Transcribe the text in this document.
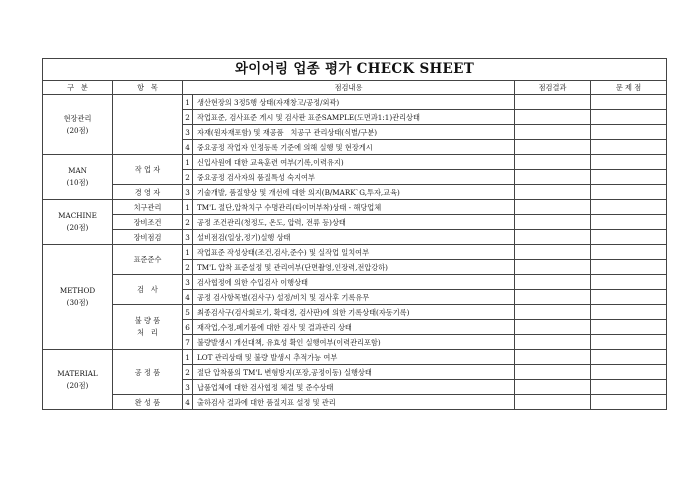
와이어링 업종 평가 CHECK SHEET					
구   분	항   목	점검내용		점검결과	문 제 점

현장관리
(20점)		1	생산현장의 3정5행 상태(자재창고/공정/외곽)		
		2	작업표준, 검사표준 게시 및 검사판 표준SAMPLE(도면과1:1)관리상태		
		3	자재(원자재포함) 및 재공품   치공구 관리상태(식별/구분)		
		4	중요공정 작업자 인정등록 기준에 의해 실행 및 현장게시		

MAN
(10점)	작 업 자	1	신입사원에 대한 교육훈련 여부(기록,이력유지)		
		2	중요공정 검사자의 품질특성 숙지여부		
	경 영 자	3	기술개발, 품질향상 및 개선에 대한 의지(B/MARK`G,투자,교육)		

MACHINE
(20점)	치구관리	1	TM'L 절단,압착치구 수명관리(타이머부착)상태 - 해당업체		
	장비조건	2	공정 조건관리(청정도, 온도, 압력, 전류 등)상태		
	장비점검	3	설비점검(일상,정기)실행 상태		

METHOD
(30점)	표준준수	1	작업표준 작성상태(조건,검사,준수) 및 실작업 일치여부		
		2	TM'L 압착 표준설정 및 관리여부(단면촬영,인장력,전압강하)		
	검   사	3	검사협정에 의한 수입검사 이행상태		
		4	공정 검사항목별(검사구) 설정/비치 및 검사후 기록유무		

	불 량 품
처   리	5	최종검사구(검사회로기, 확대경, 검사판)에 의한 기록상태(자동기록)		
		6	재작업,수정,폐기품에 대한 검사 및 결과관리 상태		
		7	불량발생시 개선대책, 유효성 확인 실행여부(이력관리포함)		

MATERIAL
(20점)	공 정 품	1	LOT 관리상태 및 불량 발생시 추적가능 여부		
		2	절단 압착품의 TM'L 변형방지(포장,공정이동) 실행상태		
		3	납품업체에 대한 검사협정 체결 및 준수상태		
	완 성 품	4	출하검사 결과에 대한 품질지표 설정 및 관리		
